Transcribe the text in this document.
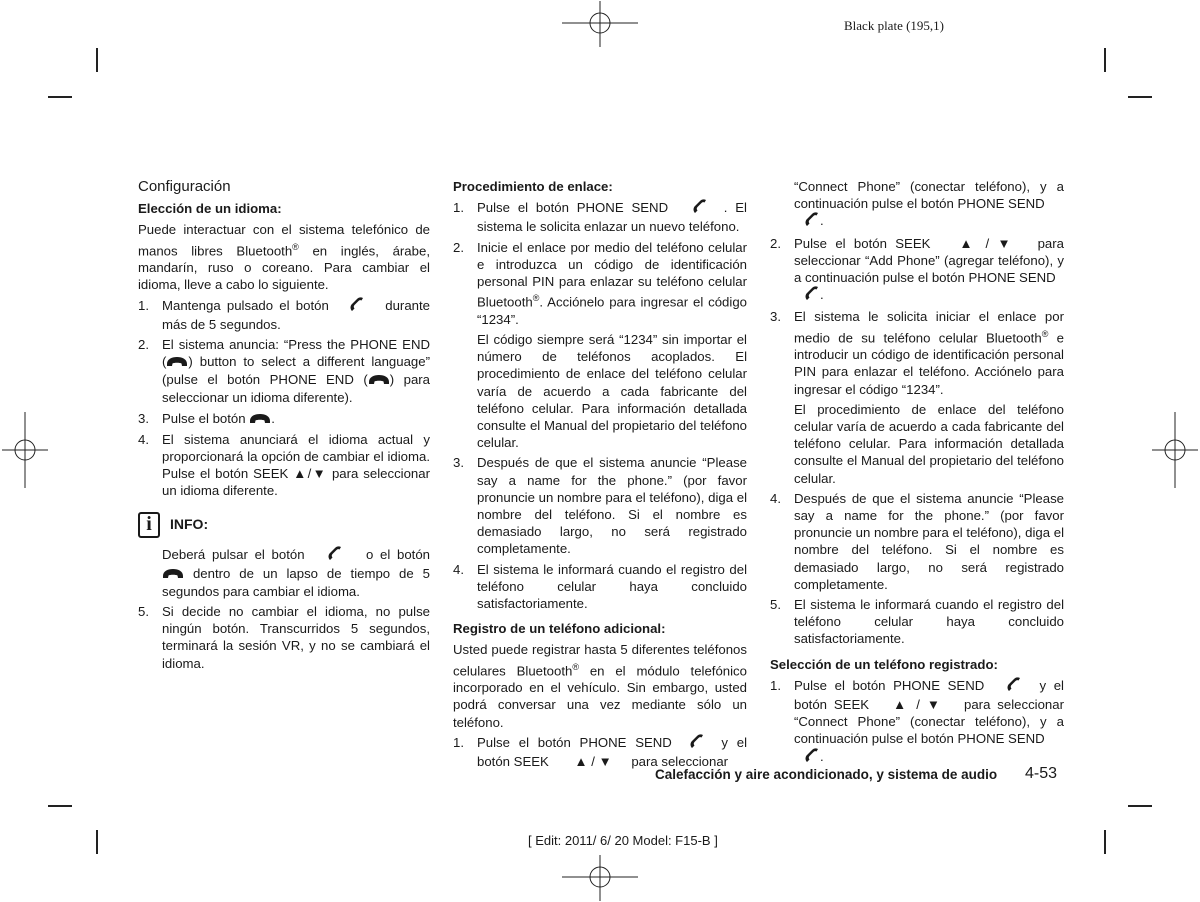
Black plate (195,1)

Configuración

Elección de un idioma:

Puede interactuar con el sistema telefónico de manos libres Bluetooth® en inglés, árabe, mandarín, ruso o coreano. Para cambiar el idioma, lleve a cabo lo siguiente.

1. Mantenga pulsado el botón	durante más de 5 segundos.
2. El sistema anuncia: “Press the PHONE END ( ) button to select a different language” (pulse el botón PHONE END ( ) para seleccionar un idioma diferente).
3. Pulse el botón .
4. El sistema anunciará el idioma actual y proporcionará la opción de cambiar el idioma. Pulse el botón SEEK ▲/▼ para seleccionar un idioma diferente.
i	INFO:

Deberá pulsar el botón	o el botón  dentro de un lapso de tiempo de 5 segundos para cambiar el idioma.

5. Si decide no cambiar el idioma, no pulse ningún botón. Transcurridos 5 segundos, terminará la sesión VR, y no se cambiará el idioma.

Procedimiento de enlace:

1. Pulse el botón PHONE SEND	. El sistema le solicita enlazar un nuevo teléfono.
2. Inicie el enlace por medio del teléfono celular e introduzca un código de identificación personal PIN para enlazar su teléfono celular Bluetooth®. Acciónelo para ingresar el código “1234”.

El código siempre será “1234” sin importar el número de teléfonos acoplados. El procedimiento de enlace del teléfono celular varía de acuerdo a cada fabricante del teléfono celular. Para información detallada consulte el Manual del propietario del teléfono celular.

3. Después de que el sistema anuncie “Please say a name for the phone.” (por favor pronuncie un nombre para el teléfono), diga el nombre del teléfono. Si el nombre es demasiado largo, no será registrado completamente.
4. El sistema le informará cuando el registro del teléfono celular haya concluido satisfactoriamente.

Registro de un teléfono adicional:

Usted puede registrar hasta 5 diferentes teléfonos celulares Bluetooth® en el módulo telefónico incorporado en el vehículo. Sin embargo, usted podrá conversar una vez mediante sólo un teléfono.

1. Pulse el botón PHONE SEND	y el botón SEEK ▲ / ▼ para seleccionar

“Connect Phone” (conectar teléfono), y a continuación pulse el botón PHONE SEND
.

2. Pulse el botón SEEK ▲ / ▼ para seleccionar “Add Phone” (agregar teléfono), y a continuación pulse el botón PHONE SEND
.
3. El sistema le solicita iniciar el enlace por medio de su teléfono celular Bluetooth® e introducir un código de identificación personal PIN para enlazar el teléfono. Acciónelo para ingresar el código “1234”.

El procedimiento de enlace del teléfono celular varía de acuerdo a cada fabricante del teléfono celular. Para información detallada consulte el Manual del propietario del teléfono celular.

4. Después de que el sistema anuncie “Please say a name for the phone.” (por favor pronuncie un nombre para el teléfono), diga el nombre del teléfono. Si el nombre es demasiado largo, no será registrado completamente.
5. El sistema le informará cuando el registro del teléfono celular haya concluido satisfactoriamente.

Selección de un teléfono registrado:

1. Pulse el botón PHONE SEND	y el botón SEEK ▲ / ▼ para seleccionar “Connect Phone” (conectar teléfono), y a continuación pulse el botón PHONE SEND
.
Calefacción y aire acondicionado, y sistema de audio 4-53
[ Edit: 2011/ 6/ 20 Model: F15-B ]
